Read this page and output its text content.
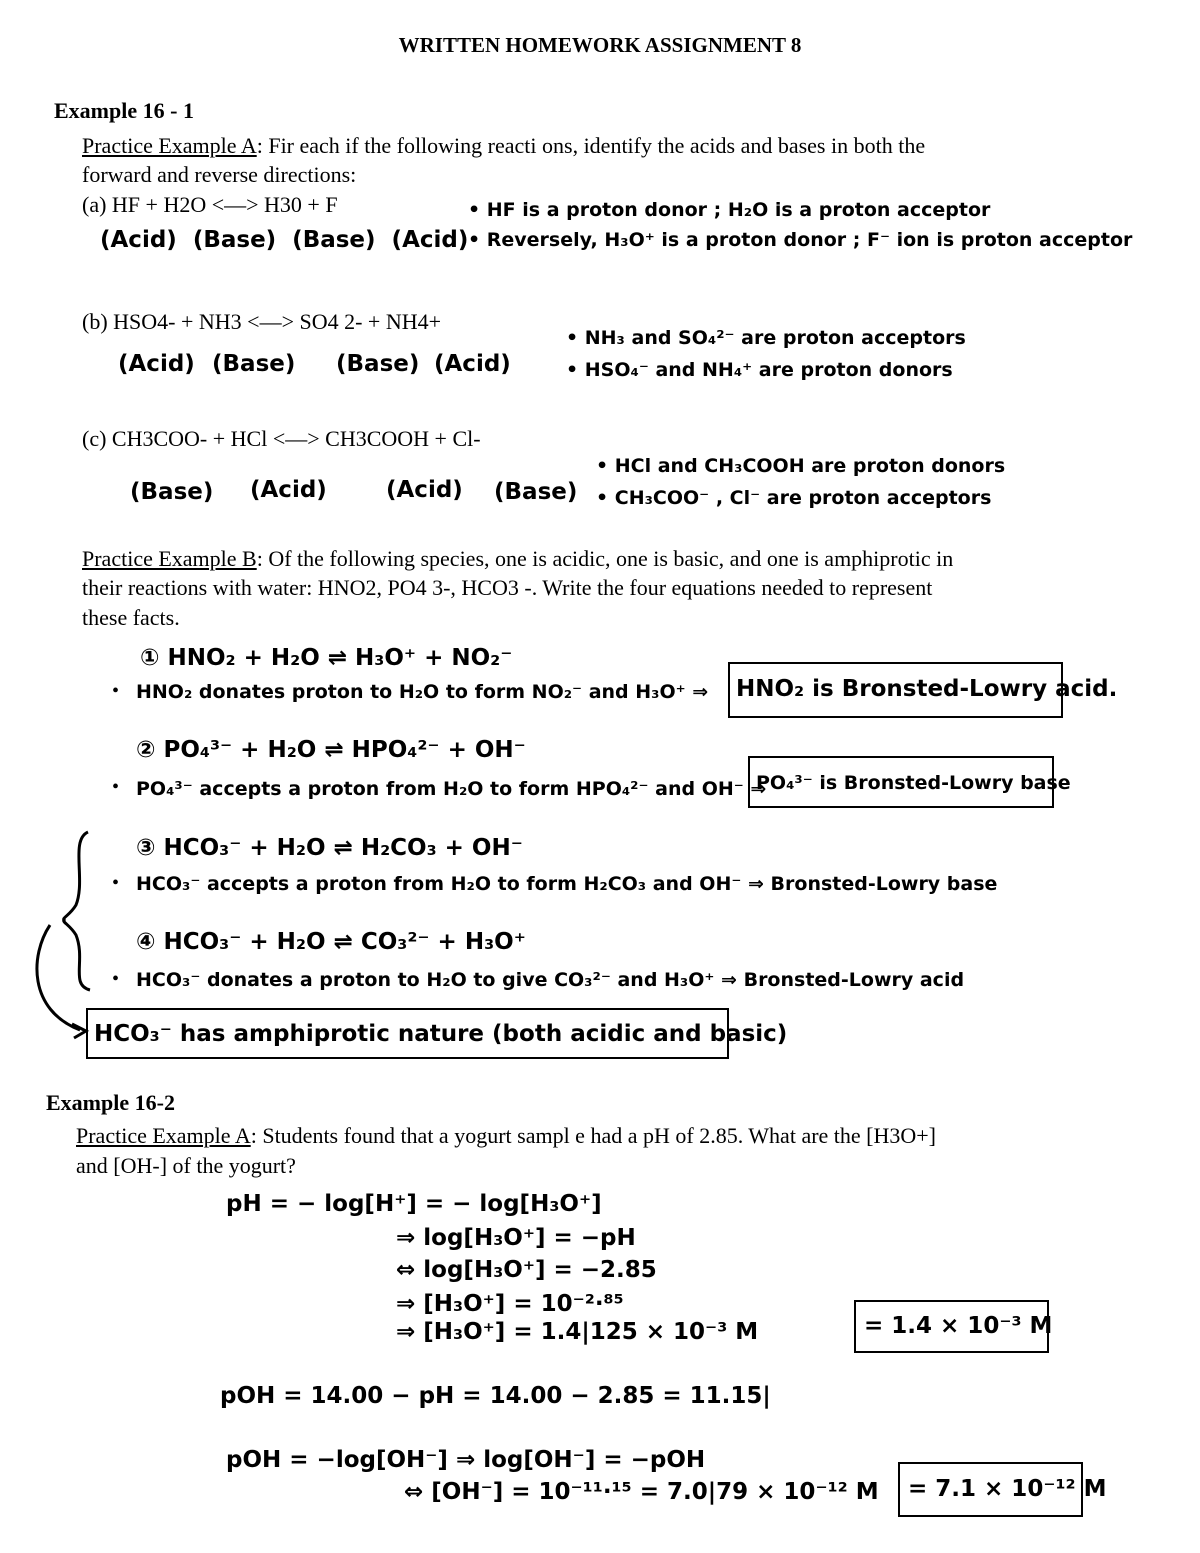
WRITTEN HOMEWORK ASSIGNMENT 8
Example 16 - 1
Practice Example A: Fir each if the following reacti ons, identify the acids and bases in both the
forward and reverse directions:
(a) HF + H2O <—> H30 + F
(Acid) (Base) (Base) (Acid)
• HF is a proton donor ; H₂O is a proton acceptor
• Reversely, H₃O⁺ is a proton donor ; F⁻ ion is proton acceptor
(b) HSO4- + NH3 <—> SO4 2- + NH4+
(Acid) (Base) (Base) (Acid)
• NH₃ and SO₄²⁻ are proton acceptors
• HSO₄⁻ and NH₄⁺ are proton donors
(c) CH3COO- + HCl <—> CH3COOH + Cl-
(Base) (Acid)	(Acid) (Base)
• HCl and CH₃COOH are proton donors
• CH₃COO⁻ , Cl⁻ are proton acceptors
Practice Example B: Of the following species, one is acidic, one is basic, and one is amphiprotic in
their reactions with water: HNO2, PO4 3-, HCO3 -. Write the four equations needed to represent
these facts.
① HNO₂ + H₂O ⇌ H₃O⁺ + NO₂⁻
• HNO₂ donates proton to H₂O to form NO₂⁻ and H₃O⁺ ⇒ HNO₂ is Bronsted-Lowry acid.
② PO₄³⁻ + H₂O ⇌ HPO₄²⁻ + OH⁻
• PO₄³⁻ accepts a proton from H₂O to form HPO₄²⁻ and OH⁻ ⇒
PO₄³⁻ is Bronsted-Lowry base
③ HCO₃⁻ + H₂O ⇌ H₂CO₃ + OH⁻
• HCO₃⁻ accepts a proton from H₂O to form H₂CO₃ and OH⁻ ⇒ Bronsted-Lowry base
④ HCO₃⁻ + H₂O ⇌ CO₃²⁻ + H₃O⁺
• HCO₃⁻ donates a proton to H₂O to give CO₃²⁻ and H₃O⁺ ⇒ Bronsted-Lowry acid
HCO₃⁻ has amphiprotic nature (both acidic and basic)
Example 16-2
Practice Example A: Students found that a yogurt sampl e had a pH of 2.85. What are the [H3O+]
and [OH-] of the yogurt?
pH = − log[H⁺] = − log[H₃O⁺]
⇒ log[H₃O⁺] = −pH
⇔ log[H₃O⁺] = −2.85
⇒ [H₃O⁺] = 10⁻²·⁸⁵
⇒ [H₃O⁺] = 1.4|125 × 10⁻³ M	= 1.4 × 10⁻³ M
pOH = 14.00 − pH = 14.00 − 2.85 = 11.15|
pOH = −log[OH⁻] ⇒ log[OH⁻] = −pOH
⇔ [OH⁻] = 10⁻¹¹·¹⁵ = 7.0|79 × 10⁻¹² M	= 7.1 × 10⁻¹² M
